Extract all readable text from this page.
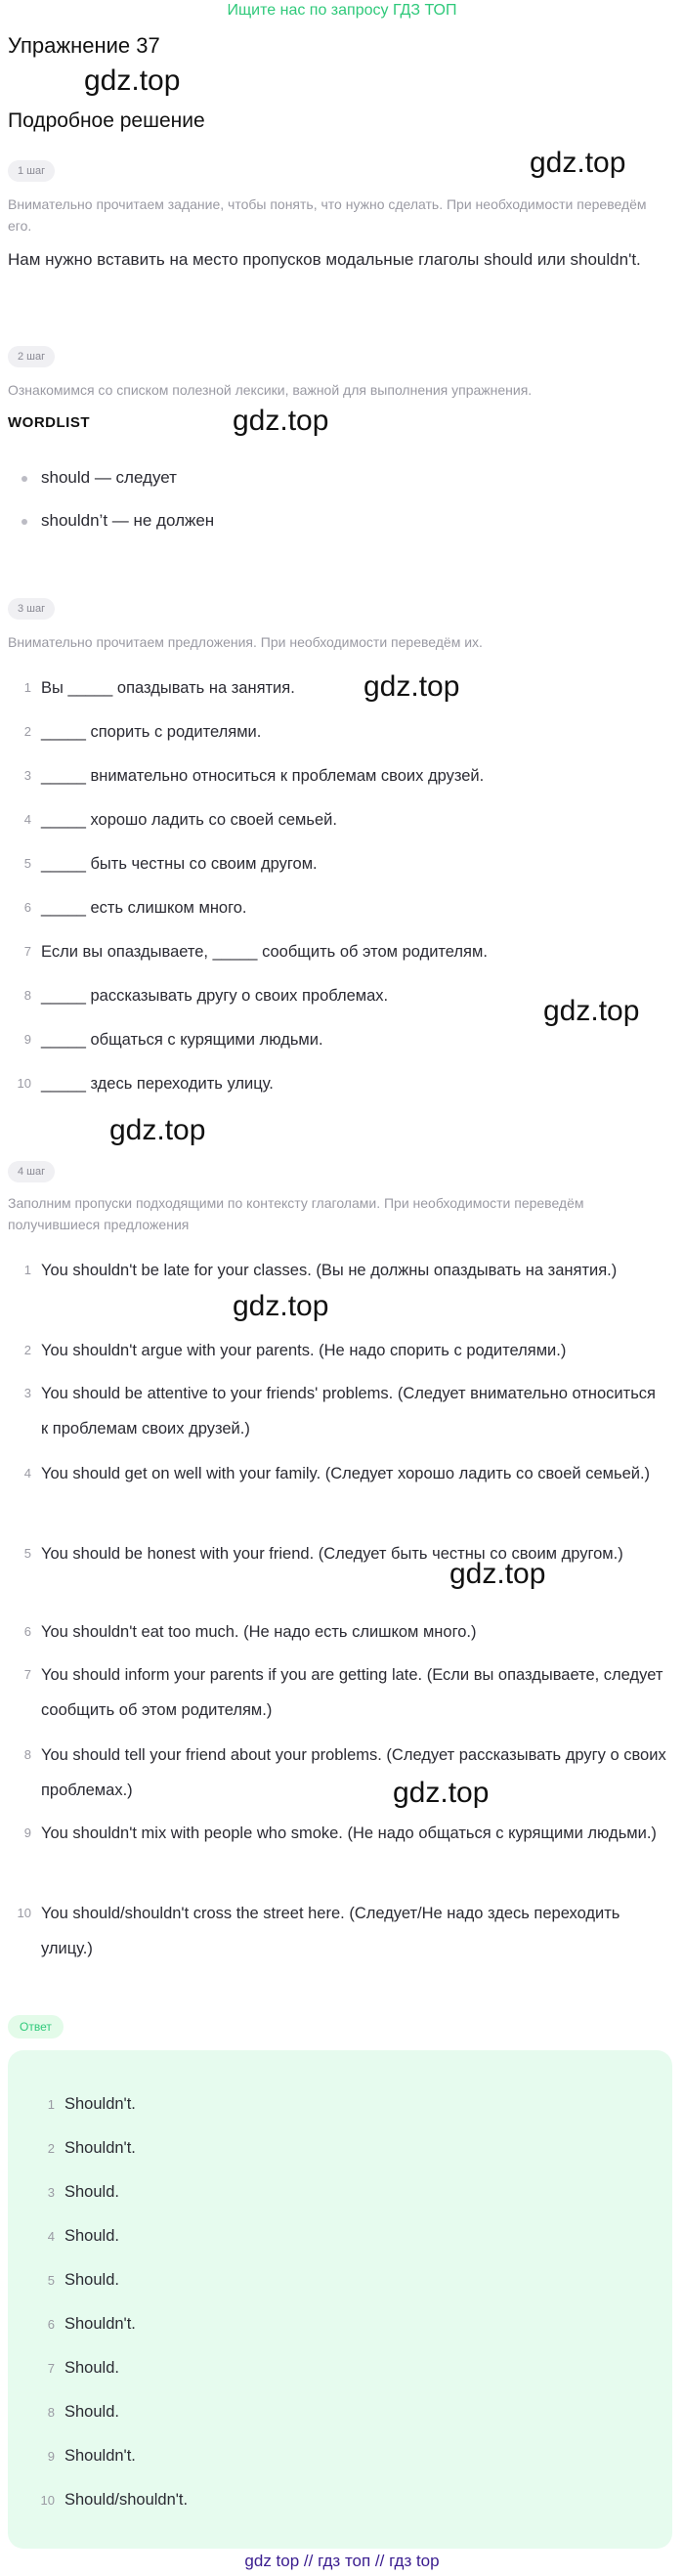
Ищите нас по запросу ГДЗ ТОП
Упражнение 37
Подробное решение
gdz.top
gdz.top
gdz.top
gdz.top
gdz.top
gdz.top
gdz.top
gdz.top
gdz.top
1 шаг
Внимательно прочитаем задание, чтобы понять, что нужно сделать. При необходимости переведём его.
Нам нужно вставить на место пропусков модальные глаголы should или shouldn't.
2 шаг
Ознакомимся со списком полезной лексики, важной для выполнения упражнения.
WORDLIST
should — следует
shouldn’t — не должен
3 шаг
Внимательно прочитаем предложения. При необходимости переведём их.
1 Вы _____ опаздывать на занятия.
2 _____ спорить с родителями.
3 _____ внимательно относиться к проблемам своих друзей.
4 _____ хорошо ладить со своей семьей.
5 _____ быть честны со своим другом.
6 _____ есть слишком много.
7 Если вы опаздываете, _____ сообщить об этом родителям.
8 _____ рассказывать другу о своих проблемах.
9 _____ общаться с курящими людьми.
10 _____ здесь переходить улицу.
4 шаг
Заполним пропуски подходящими по контексту глаголами. При необходимости переведём получившиеся предложения
1 You shouldn't be late for your classes. (Вы не должны опаздывать на занятия.)
2 You shouldn't argue with your parents. (Не надо спорить с родителями.)
3 You should be attentive to your friends' problems. (Следует внимательно относиться к проблемам своих друзей.)
4 You should get on well with your family. (Следует хорошо ладить со своей семьей.)
5 You should be honest with your friend. (Следует быть честны со своим другом.)
6 You shouldn't eat too much. (Не надо есть слишком много.)
7 You should inform your parents if you are getting late. (Если вы опаздываете, следует сообщить об этом родителям.)
8 You should tell your friend about your problems. (Следует рассказывать другу о своих проблемах.)
9 You shouldn't mix with people who smoke. (Не надо общаться с курящими людьми.)
10 You should/shouldn't cross the street here. (Следует/Не надо здесь переходить улицу.)
Ответ
1 Shouldn't.
2 Shouldn't.
3 Should.
4 Should.
5 Should.
6 Shouldn't.
7 Should.
8 Should.
9 Shouldn't.
10 Should/shouldn't.
gdz top // гдз топ // гдз top
